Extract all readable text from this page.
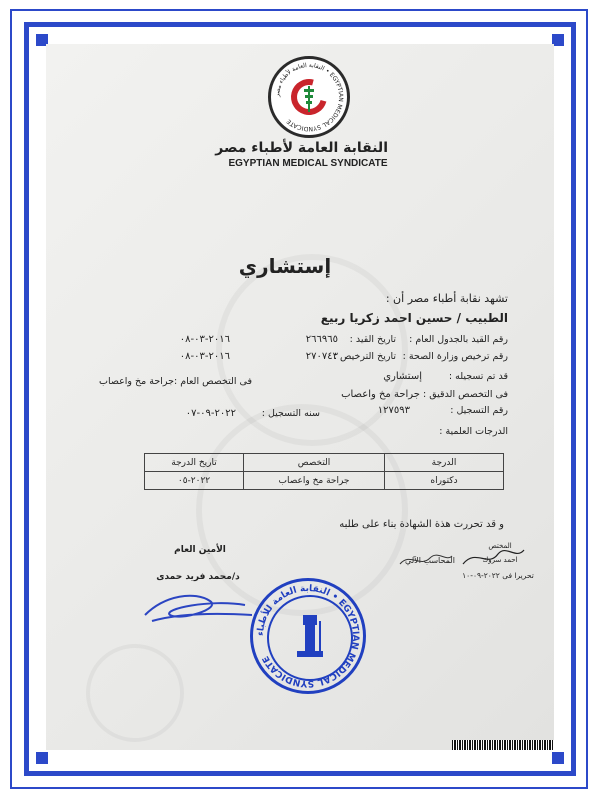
النقابة العامة لأطباء مصر • EGYPTIAN MEDICAL SYNDICATE
النقابة العامة لأطباء مصر
EGYPTIAN MEDICAL SYNDICATE
إستشاري
تشهد نقابة أطباء مصر أن :
الطبيب / حسين احمد زكريا ربيع
رقم القيد بالجدول العام :
٢٦٦٩٦٥ تاريخ القيد :
٢٠١٦-٠٣-٠٨
رقم ترخيص وزارة الصحة :
٢٧٠٧٤٣
تاريخ الترخيص :
٢٠١٦-٠٣-٠٨
قد تم تسجيله :
إستشاري
فى التخصص العام :جراحة مخ واعصاب
فى التخصص الدقيق :
جراحة مخ واعصاب
رقم التسجيل :
١٢٧٥٩٣
سنه التسجيل :
٢٠٢٢-٠٩-٠٧
الدرجات العلمية :
الدرجة	التخصص	تاريخ الدرجة
دكتوراه	جراحة مخ واعصاب	٢٠٢٢-٠٥
و قد تحررت هذة الشهادة بناء على طلبه
الأمين العام
د/محمد فريد حمدى
المختص
احمد سروك
المحاسب الآلي
تحريرا فى ٢٠٢٢-٠٩-١٠
النقابة العامة للأطباء • EGYPTIAN MEDICAL SYNDICATE
